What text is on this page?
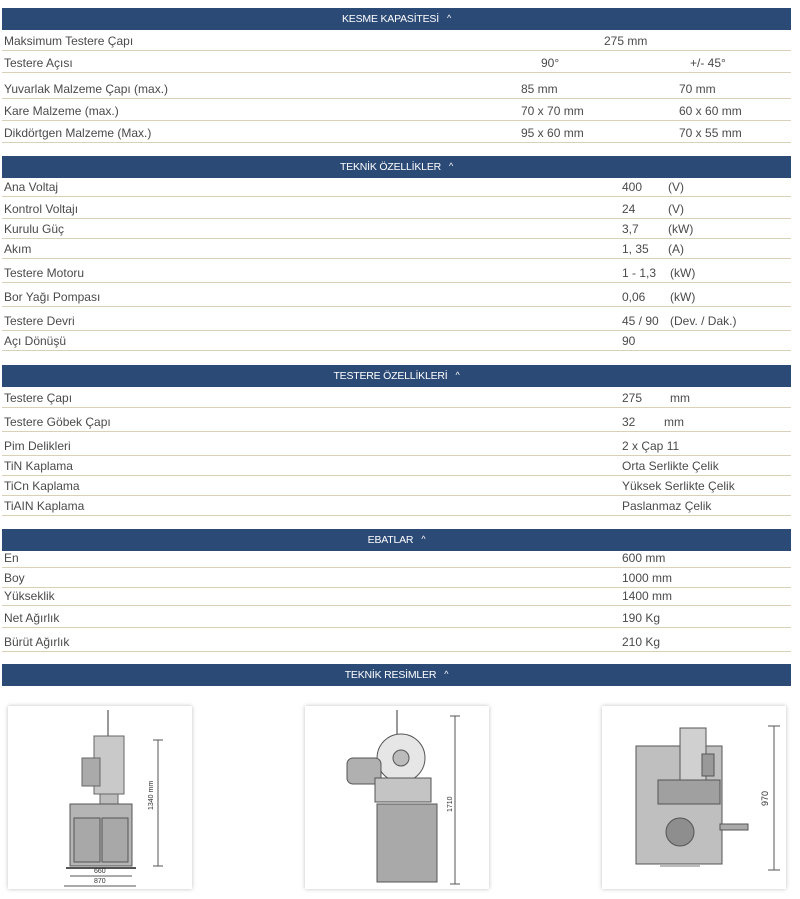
KESME KAPASİTESİ ^
Maksimum Testere Çapı	275 mm
Testere Açısı	90°	+/- 45°
Yuvarlak Malzeme Çapı (max.)	85 mm	70 mm
Kare Malzeme (max.)	70 x 70 mm	60 x 60 mm
Dikdörtgen Malzeme (Max.)	95 x 60 mm	70 x 55 mm
TEKNİK ÖZELLİKLER ^
Ana Voltaj	400 (V)
Kontrol Voltajı	24	(V)
Kurulu Güç	3,7 (kW)
Akım	1, 35 (A)
Testere Motoru	1 - 1,3 (kW)
Bor Yağı Pompası	0,06 (kW)
Testere Devri	45 / 90 (Dev. / Dak.)
Açı Dönüşü	90
TESTERE ÖZELLİKLERİ ^
Testere Çapı	275 mm
Testere Göbek Çapı	32 mm
Pim Delikleri	2 x Çap 11
TiN Kaplama	Orta Serlikte Çelik
TiCn Kaplama	Yüksek Serlikte Çelik
TiAIN Kaplama	Paslanmaz Çelik
EBATLAR ^
En	600 mm
Boy	1000 mm
Yükseklik	1400 mm
Net Ağırlık	190 Kg
Bürüt Ağırlık	210 Kg
TEKNİK RESİMLER ^
1340 mm
660
870
1710	970
